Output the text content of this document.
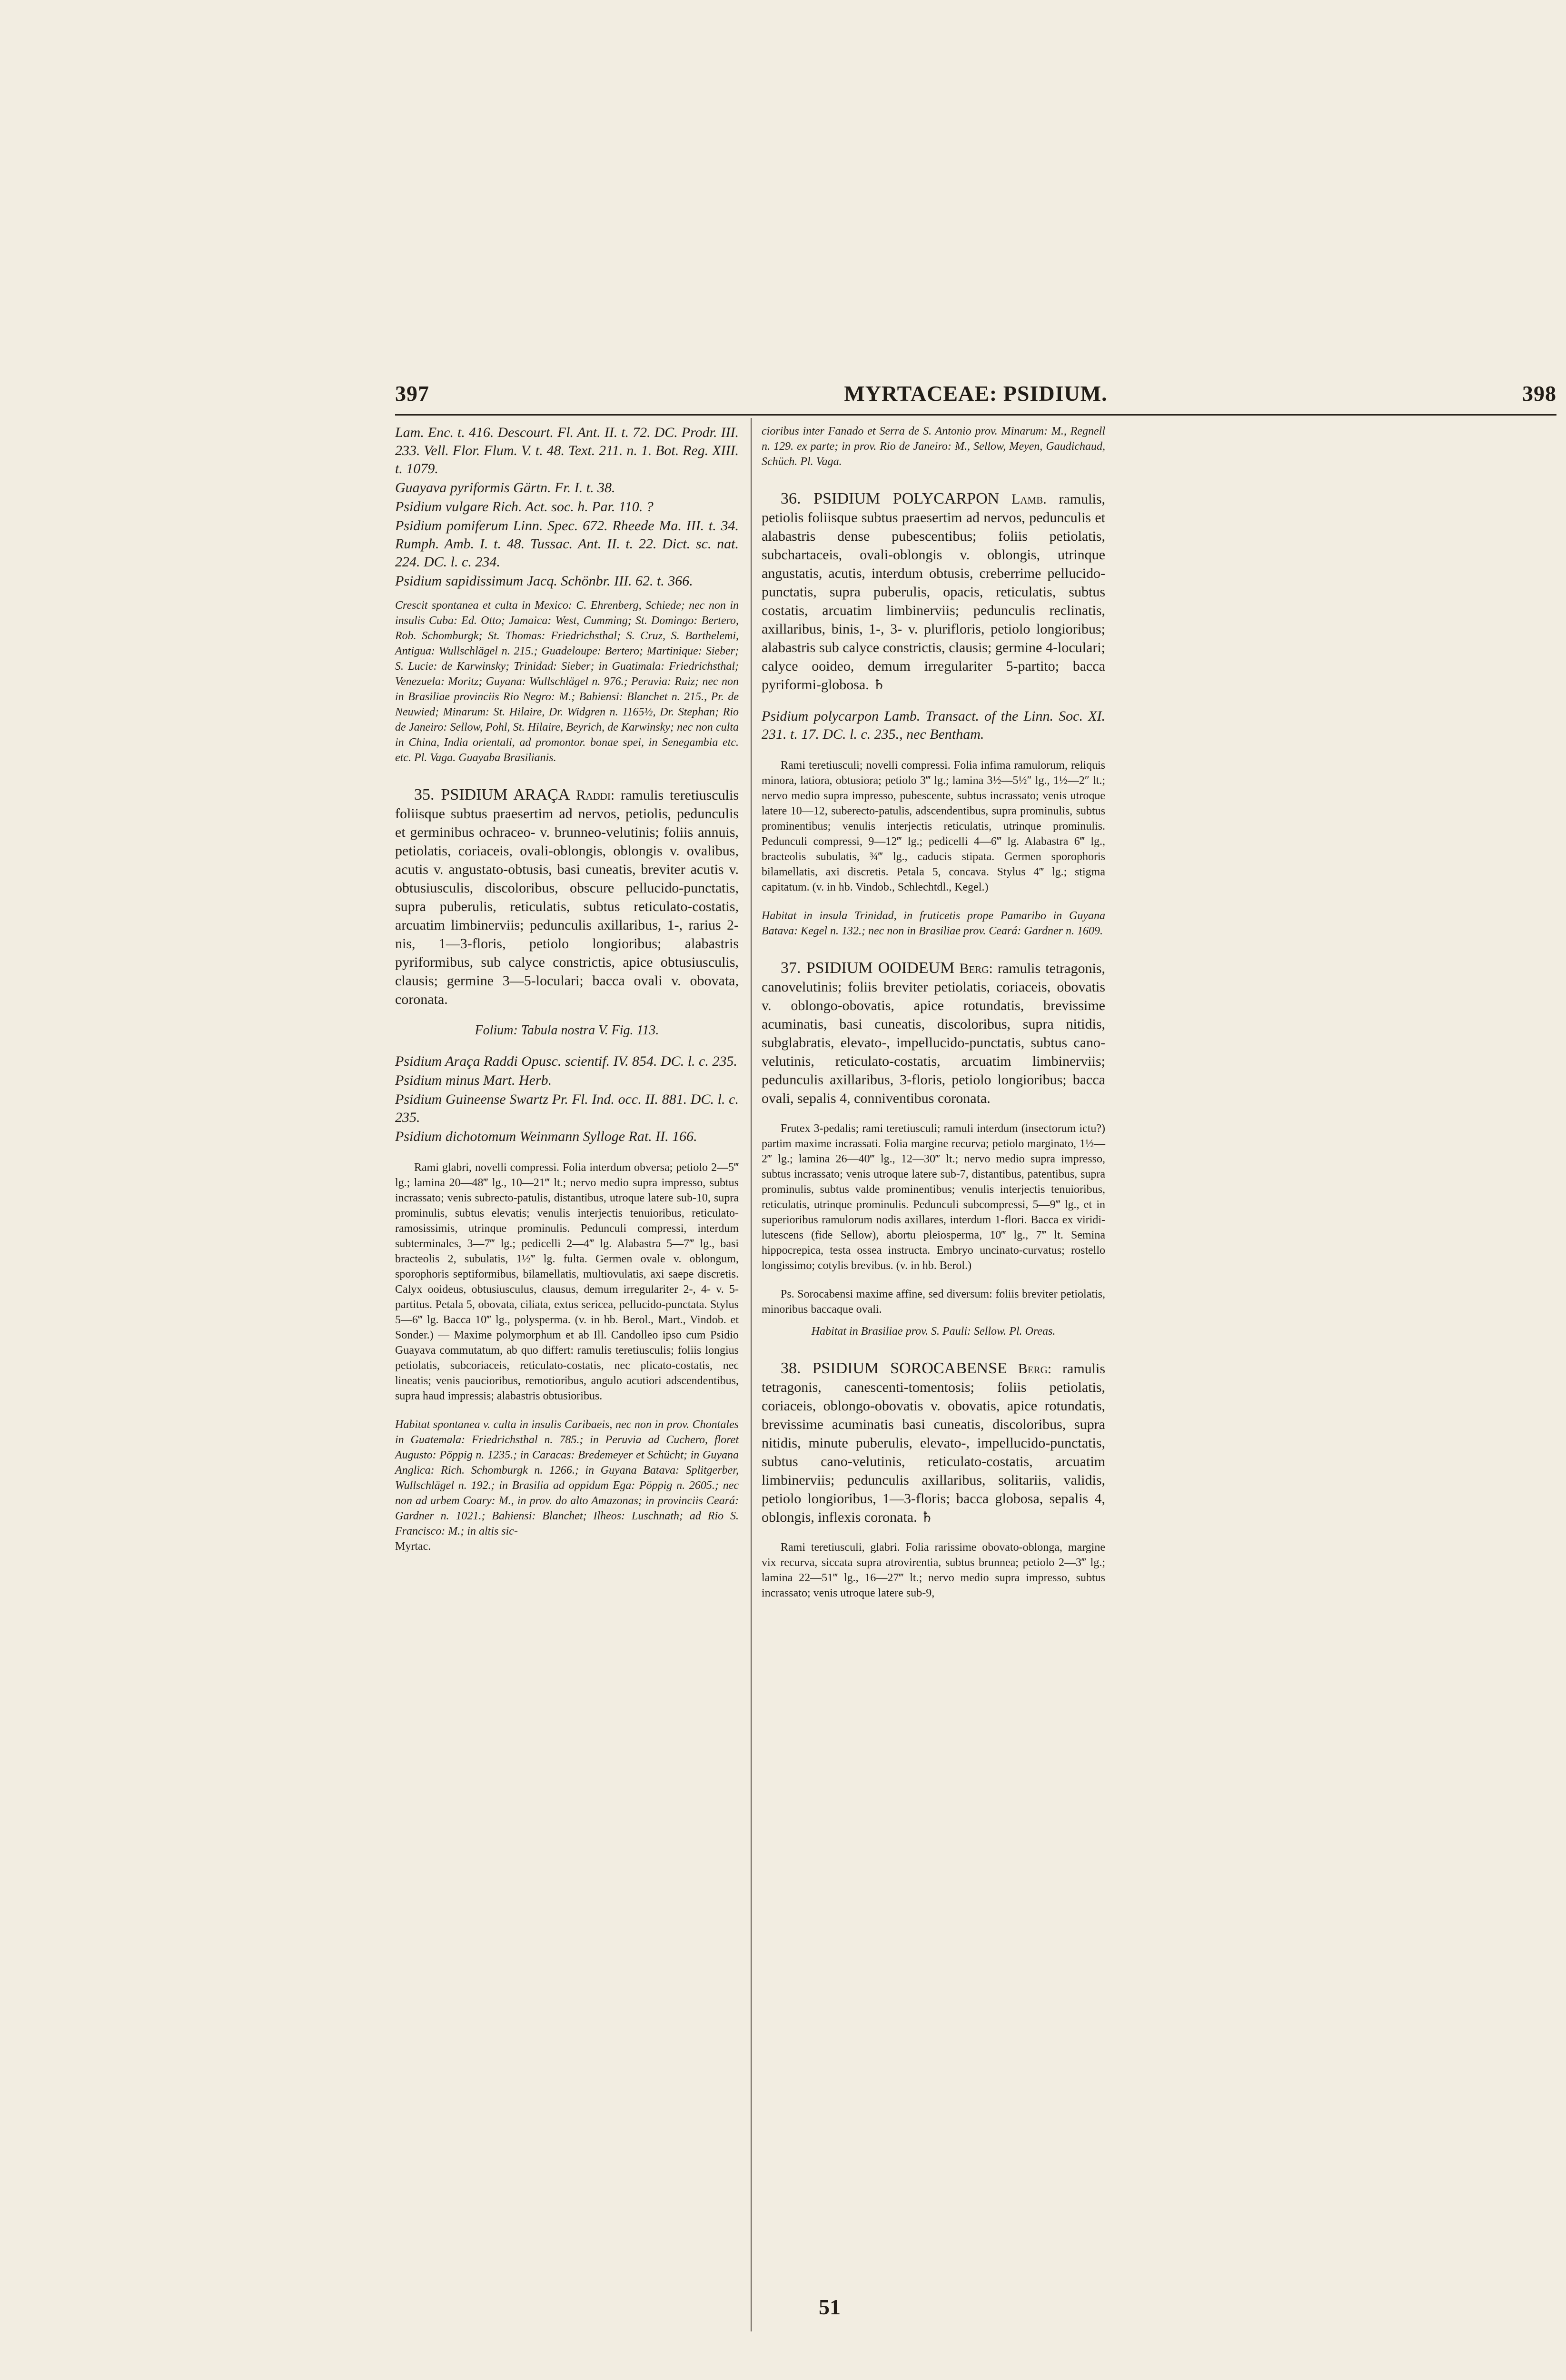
397	MYRTACEAE: PSIDIUM.	398

Lam. Enc. t. 416. Descourt. Fl. Ant. II. t. 72. DC. Prodr. III. 233. Vell. Flor. Flum. V. t. 48. Text. 211. n. 1. Bot. Reg. XIII. t. 1079.

Guayava pyriformis Gärtn. Fr. I. t. 38.

Psidium vulgare Rich. Act. soc. h. Par. 110. ?

Psidium pomiferum Linn. Spec. 672. Rheede Ma. III. t. 34. Rumph. Amb. I. t. 48. Tussac. Ant. II. t. 22. Dict. sc. nat. 224. DC. l. c. 234.

Psidium sapidissimum Jacq. Schönbr. III. 62. t. 366.

Crescit spontanea et culta in Mexico: C. Ehrenberg, Schiede; nec non in insulis Cuba: Ed. Otto; Jamaica: West, Cumming; St. Domingo: Bertero, Rob. Schomburgk; St. Thomas: Friedrichsthal; S. Cruz, S. Barthelemi, Antigua: Wullschlägel n. 215.; Guadeloupe: Bertero; Martinique: Sieber; S. Lucie: de Karwinsky; Trinidad: Sieber; in Guatimala: Friedrichsthal; Venezuela: Moritz; Guyana: Wullschlägel n. 976.; Peruvia: Ruiz; nec non in Brasiliae provinciis Rio Negro: M.; Bahiensi: Blanchet n. 215., Pr. de Neuwied; Minarum: St. Hilaire, Dr. Widgren n. 1165½, Dr. Stephan; Rio de Janeiro: Sellow, Pohl, St. Hilaire, Beyrich, de Karwinsky; nec non culta in China, India orientali, ad promontor. bonae spei, in Senegambia etc. etc. Pl. Vaga. Guayaba Brasilianis.

35. PSIDIUM ARAÇA Raddi: ramulis teretiusculis foliisque subtus praesertim ad nervos, petiolis, pedunculis et germinibus ochraceo- v. brunneo-velutinis; foliis annuis, petiolatis, coriaceis, ovali-oblongis, oblongis v. ovalibus, acutis v. angustato-obtusis, basi cuneatis, breviter acutis v. obtusiusculis, discoloribus, obscure pellucido-punctatis, supra puberulis, reticulatis, subtus reticulato-costatis, arcuatim limbinerviis; pedunculis axillaribus, 1-, rarius 2-nis, 1—3-floris, petiolo longioribus; alabastris pyriformibus, sub calyce constrictis, apice obtusiusculis, clausis; germine 3—5-loculari; bacca ovali v. obovata, coronata.

Folium: Tabula nostra V. Fig. 113.

Psidium Araça Raddi Opusc. scientif. IV. 854. DC. l. c. 235.

Psidium minus Mart. Herb.

Psidium Guineense Swartz Pr. Fl. Ind. occ. II. 881. DC. l. c. 235.

Psidium dichotomum Weinmann Sylloge Rat. II. 166.

Rami glabri, novelli compressi. Folia interdum obversa; petiolo 2—5‴ lg.; lamina 20—48‴ lg., 10—21‴ lt.; nervo medio supra impresso, subtus incrassato; venis subrecto-patulis, distantibus, utroque latere sub-10, supra prominulis, subtus elevatis; venulis interjectis tenuioribus, reticulato-ramosissimis, utrinque prominulis. Pedunculi compressi, interdum subterminales, 3—7‴ lg.; pedicelli 2—4‴ lg. Alabastra 5—7‴ lg., basi bracteolis 2, subulatis, 1½‴ lg. fulta. Germen ovale v. oblongum, sporophoris septiformibus, bilamellatis, multiovulatis, axi saepe discretis. Calyx ooideus, obtusiusculus, clausus, demum irregulariter 2-, 4- v. 5-partitus. Petala 5, obovata, ciliata, extus sericea, pellucido-punctata. Stylus 5—6‴ lg. Bacca 10‴ lg., polysperma. (v. in hb. Berol., Mart., Vindob. et Sonder.) — Maxime polymorphum et ab Ill. Candolleo ipso cum Psidio Guayava commutatum, ab quo differt: ramulis teretiusculis; foliis longius petiolatis, subcoriaceis, reticulato-costatis, nec plicato-costatis, nec lineatis; venis paucioribus, remotioribus, angulo acutiori adscendentibus, supra haud impressis; alabastris obtusioribus.

Habitat spontanea v. culta in insulis Caribaeis, nec non in prov. Chontales in Guatemala: Friedrichsthal n. 785.; in Peruvia ad Cuchero, floret Augusto: Pöppig n. 1235.; in Caracas: Bredemeyer et Schücht; in Guyana Anglica: Rich. Schomburgk n. 1266.; in Guyana Batava: Splitgerber, Wullschlägel n. 192.; in Brasilia ad oppidum Ega: Pöppig n. 2605.; nec non ad urbem Coary: M., in prov. do alto Amazonas; in provinciis Ceará: Gardner n. 1021.; Bahiensi: Blanchet; Ilheos: Luschnath; ad Rio S. Francisco: M.; in altis sic-

Myrtac.

cioribus inter Fanado et Serra de S. Antonio prov. Minarum: M., Regnell n. 129. ex parte; in prov. Rio de Janeiro: M., Sellow, Meyen, Gaudichaud, Schüch. Pl. Vaga.

36. PSIDIUM POLYCARPON Lamb. ramulis, petiolis foliisque subtus praesertim ad nervos, pedunculis et alabastris dense pubescentibus; foliis petiolatis, subchartaceis, ovali-oblongis v. oblongis, utrinque angustatis, acutis, interdum obtusis, creberrime pellucido-punctatis, supra puberulis, opacis, reticulatis, subtus costatis, arcuatim limbinerviis; pedunculis reclinatis, axillaribus, binis, 1-, 3- v. plurifloris, petiolo longioribus; alabastris sub calyce constrictis, clausis; germine 4-loculari; calyce ooideo, demum irregulariter 5-partito; bacca pyriformi-globosa. ♄

Psidium polycarpon Lamb. Transact. of the Linn. Soc. XI. 231. t. 17. DC. l. c. 235., nec Bentham.

Rami teretiusculi; novelli compressi. Folia infima ramulorum, reliquis minora, latiora, obtusiora; petiolo 3‴ lg.; lamina 3½—5½″ lg., 1½—2″ lt.; nervo medio supra impresso, pubescente, subtus incrassato; venis utroque latere 10—12, suberecto-patulis, adscendentibus, supra prominulis, subtus prominentibus; venulis interjectis reticulatis, utrinque prominulis. Pedunculi compressi, 9—12‴ lg.; pedicelli 4—6‴ lg. Alabastra 6‴ lg., bracteolis subulatis, ¾‴ lg., caducis stipata. Germen sporophoris bilamellatis, axi discretis. Petala 5, concava. Stylus 4‴ lg.; stigma capitatum. (v. in hb. Vindob., Schlechtdl., Kegel.)

Habitat in insula Trinidad, in fruticetis prope Pamaribo in Guyana Batava: Kegel n. 132.; nec non in Brasiliae prov. Ceará: Gardner n. 1609.

37. PSIDIUM OOIDEUM Berg: ramulis tetragonis, canovelutinis; foliis breviter petiolatis, coriaceis, obovatis v. oblongo-obovatis, apice rotundatis, brevissime acuminatis, basi cuneatis, discoloribus, supra nitidis, subglabratis, elevato-, impellucido-punctatis, subtus cano-velutinis, reticulato-costatis, arcuatim limbinerviis; pedunculis axillaribus, 3-floris, petiolo longioribus; bacca ovali, sepalis 4, conniventibus coronata.

Frutex 3-pedalis; rami teretiusculi; ramuli interdum (insectorum ictu?) partim maxime incrassati. Folia margine recurva; petiolo marginato, 1½—2‴ lg.; lamina 26—40‴ lg., 12—30‴ lt.; nervo medio supra impresso, subtus incrassato; venis utroque latere sub-7, distantibus, patentibus, supra prominulis, subtus valde prominentibus; venulis interjectis tenuioribus, reticulatis, utrinque prominulis. Pedunculi subcompressi, 5—9‴ lg., et in superioribus ramulorum nodis axillares, interdum 1-flori. Bacca ex viridi-lutescens (fide Sellow), abortu pleiosperma, 10‴ lg., 7‴ lt. Semina hippocrepica, testa ossea instructa. Embryo uncinato-curvatus; rostello longissimo; cotylis brevibus. (v. in hb. Berol.)

Ps. Sorocabensi maxime affine, sed diversum: foliis breviter petiolatis, minoribus baccaque ovali.

Habitat in Brasiliae prov. S. Pauli: Sellow. Pl. Oreas.

38. PSIDIUM SOROCABENSE Berg: ramulis tetragonis, canescenti-tomentosis; foliis petiolatis, coriaceis, oblongo-obovatis v. obovatis, apice rotundatis, brevissime acuminatis basi cuneatis, discoloribus, supra nitidis, minute puberulis, elevato-, impellucido-punctatis, subtus cano-velutinis, reticulato-costatis, arcuatim limbinerviis; pedunculis axillaribus, solitariis, validis, petiolo longioribus, 1—3-floris; bacca globosa, sepalis 4, oblongis, inflexis coronata. ♄

Rami teretiusculi, glabri. Folia rarissime obovato-oblonga, margine vix recurva, siccata supra atrovirentia, subtus brunnea; petiolo 2—3‴ lg.; lamina 22—51‴ lg., 16—27‴ lt.; nervo medio supra impresso, subtus incrassato; venis utroque latere sub-9,

51
